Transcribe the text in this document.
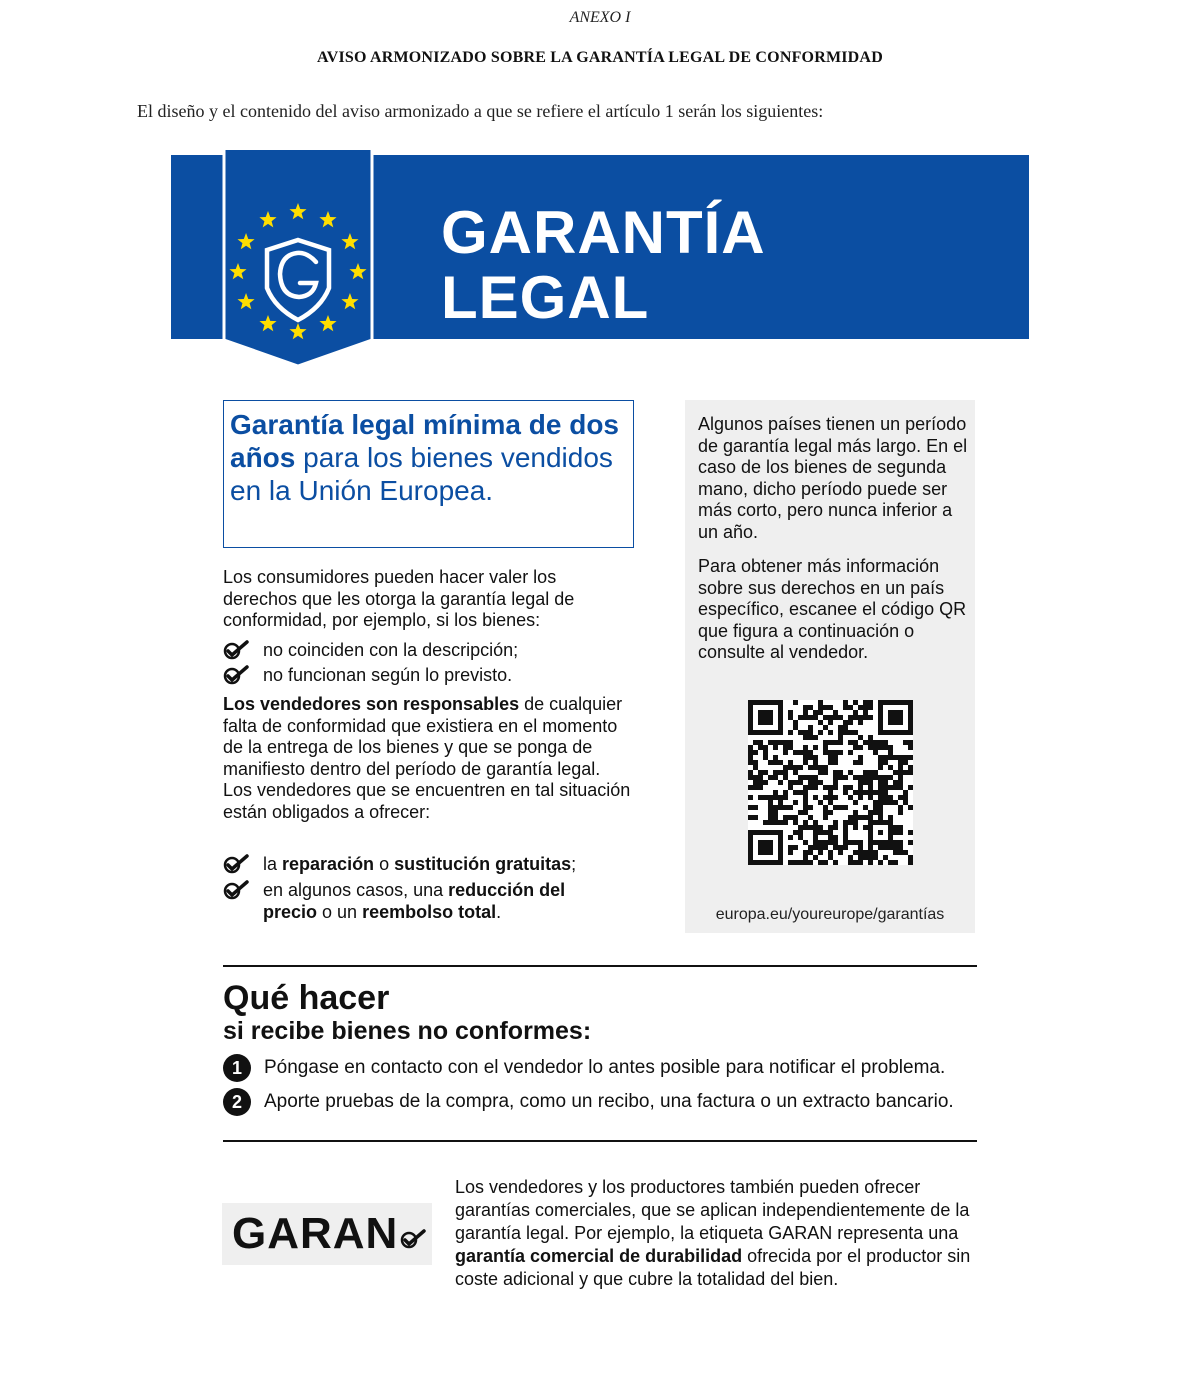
ANEXO I
AVISO ARMONIZADO SOBRE LA GARANTÍA LEGAL DE CONFORMIDAD
El diseño y el contenido del aviso armonizado a que se refiere el artículo 1 serán los siguientes:
GARANTÍA
LEGAL
Garantía legal mínima de dos años para los bienes vendidos en la Unión Europea.
Los consumidores pueden hacer valer los derechos que les otorga la garantía legal de conformidad, por ejemplo, si los bienes:
no coinciden con la descripción;
no funcionan según lo previsto.
Los vendedores son responsables de cualquier falta de conformidad que existiera en el momento de la entrega de los bienes y que se ponga de manifiesto dentro del período de garantía legal. Los vendedores que se encuentren en tal situación están obligados a ofrecer:
la reparación o sustitución gratuitas;
en algunos casos, una reducción del
precio o un reembolso total.
Algunos países tienen un período de garantía legal más largo. En el caso de los bienes de segunda mano, dicho período puede ser más corto, pero nunca inferior a un año.
Para obtener más información sobre sus derechos en un país específico, escanee el código QR que figura a continuación o consulte al vendedor.
europa.eu/youreurope/garantías
Qué hacer
si recibe bienes no conformes:
1	Póngase en contacto con el vendedor lo antes posible para notificar el problema.
2	Aporte pruebas de la compra, como un recibo, una factura o un extracto bancario.
GARAN
Los vendedores y los productores también pueden ofrecer garantías comerciales, que se aplican independientemente de la garantía legal. Por ejemplo, la etiqueta GARAN representa una garantía comercial de durabilidad ofrecida por el productor sin coste adicional y que cubre la totalidad del bien.
